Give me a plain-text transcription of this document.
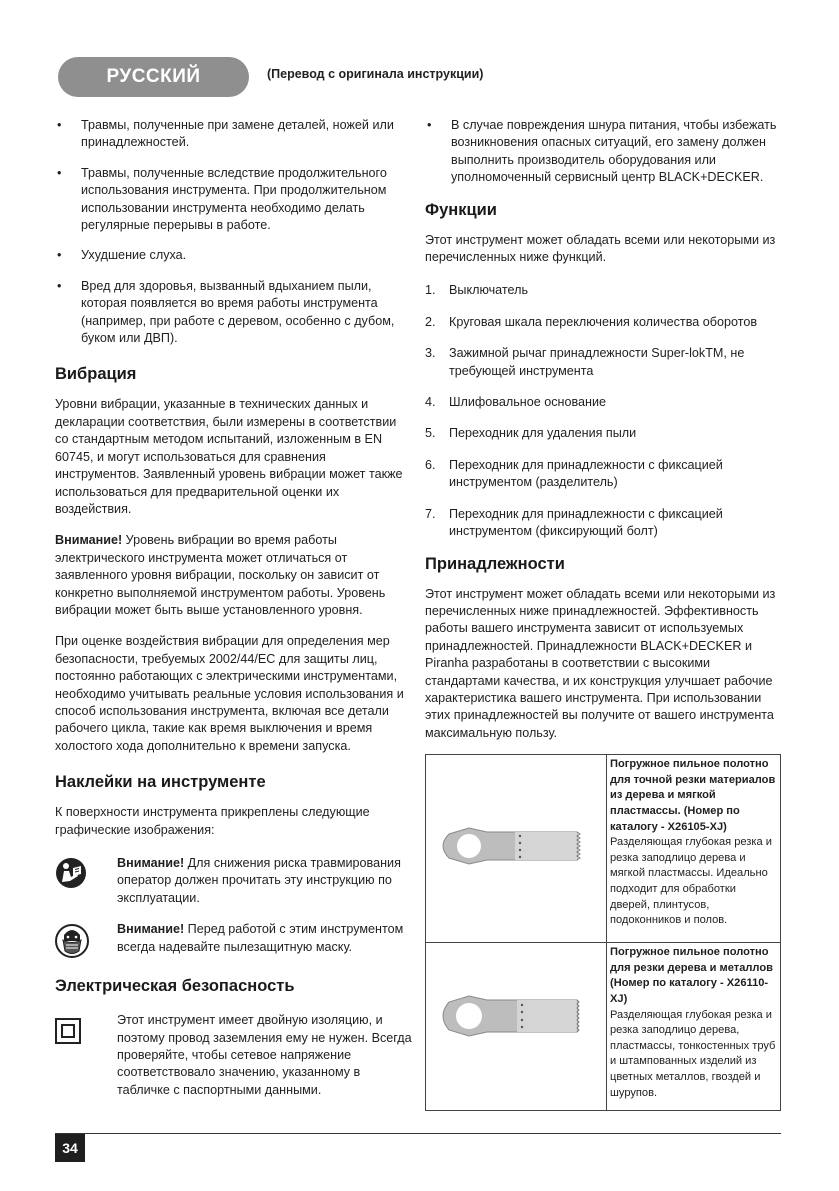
РУССКИЙ	(Перевод с оригинала инструкции)
• Травмы, полученные при замене деталей, ножей или принадлежностей.
• Травмы, полученные вследствие продолжительного использования инструмента. При продолжительном использовании инструмента необходимо делать регулярные перерывы в работе.
• Ухудшение слуха.
• Вред для здоровья, вызванный вдыханием пыли, которая появляется во время работы инструмента (например, при работе с деревом, особенно с дубом, буком или ДВП).
Вибрация

Уровни вибрации, указанные в технических данных и декларации соответствия, были измерены в соответствии со стандартным методом испытаний, изложенным в EN 60745, и могут использоваться для сравнения инструментов. Заявленный уровень вибрации может также использоваться для предварительной оценки их воздействия.

Внимание! Уровень вибрации во время работы электрического инструмента может отличаться от заявленного уровня вибрации, поскольку он зависит от конкретно выполняемой инструментом работы. Уровень вибрации может быть выше установленного уровня.

При оценке воздействия вибрации для определения мер безопасности, требуемых 2002/44/EC для защиты лиц, постоянно работающих с электрическими инструментами, необходимо учитывать реальные условия использования и способ использования инструмента, включая все детали рабочего цикла, такие как время выключения и время холостого хода дополнительно к времени запуска.

Наклейки на инструменте

К поверхности инструмента прикреплены следующие графические изображения:

Внимание! Для снижения риска травмирования оператор должен прочитать эту инструкцию по эксплуатации.
Внимание! Перед работой с этим инструментом всегда надевайте пылезащитную маску.
Электрическая безопасность
Этот инструмент имеет двойную изоляцию, и поэтому провод заземления ему не нужен. Всегда проверяйте, чтобы сетевое напряжение соответствовало значению, указанному в табличке с паспортными данными.
• В случае повреждения шнура питания, чтобы избежать возникновения опасных ситуаций, его замену должен выполнить производитель оборудования или уполномоченный сервисный центр BLACK+DECKER.
Функции

Этот инструмент может обладать всеми или некоторыми из перечисленных ниже функций.

1. Выключатель
2. Круговая шкала переключения количества оборотов
3. Зажимной рычаг принадлежности Super-lokTM, не требующей инструмента
4. Шлифовальное основание
5. Переходник для удаления пыли
6. Переходник для принадлежности с фиксацией инструментом (разделитель)
7. Переходник для принадлежности с фиксацией инструментом (фиксирующий болт)
Принадлежности

Этот инструмент может обладать всеми или некоторыми из перечисленных ниже принадлежностей. Эффективность работы вашего инструмента зависит от используемых принадлежностей. Принадлежности BLACK+DECKER и Piranha разработаны в соответствии с высокими стандартами качества, и их конструкция улучшает рабочие характеристика вашего инструмента. При использовании этих принадлежностей вы получите от вашего инструмента максимальную пользу.

Погружное пильное полотно для точной резки материалов из дерева и мягкой пластмассы. (Номер по каталогу - X26105-XJ)
Разделяющая глубокая резка и резка заподлицо дерева и мягкой пластмассы. Идеально подходит для обработки дверей, плинтусов, подоконников и полов.

Погружное пильное полотно для резки дерева и металлов (Номер по каталогу - X26110-XJ)
Разделяющая глубокая резка и резка заподлицо дерева, пластмассы, тонкостенных труб и штампованных изделий из цветных металлов, гвоздей и шурупов.
34
